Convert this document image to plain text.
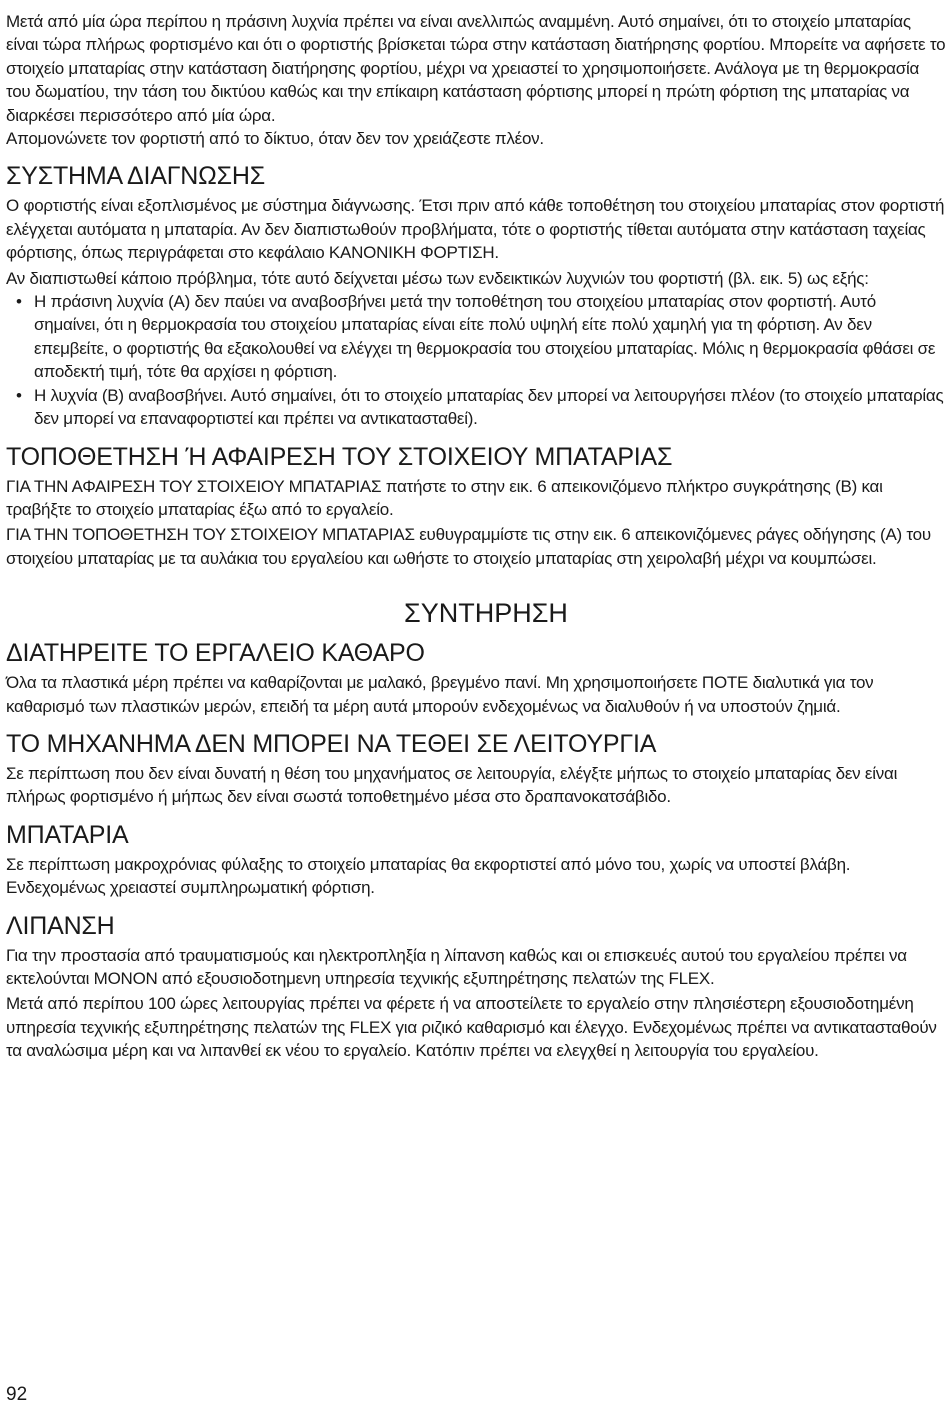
Μετά από μία ώρα περίπου η πράσινη λυχνία πρέπει να είναι ανελλιπώς αναμμένη. Αυτό σημαίνει, ότι το στοιχείο μπαταρίας είναι τώρα πλήρως φορτισμένο και ότι ο φορτιστής βρίσκεται τώρα στην κατάσταση διατήρησης φορτίου. Μπορείτε να αφήσετε το στοιχείο μπαταρίας στην κατάσταση διατήρησης φορτίου, μέχρι να χρειαστεί το χρησιμοποιήσετε. Ανάλογα με τη θερμοκρασία του δωματίου, την τάση του δικτύου καθώς και την επίκαιρη κατάσταση φόρτισης μπορεί η πρώτη φόρτιση της μπαταρίας να διαρκέσει περισσότερο από μία ώρα.

Απομονώνετε τον φορτιστή από το δίκτυο, όταν δεν τον χρειάζεστε πλέον.

ΣΥΣΤΗΜΑ ΔΙΑΓΝΩΣΗΣ

Ο φορτιστής είναι εξοπλισμένος με σύστημα διάγνωσης. Έτσι πριν από κάθε τοποθέτηση του στοιχείου μπαταρίας στον φορτιστή ελέγχεται αυτόματα η μπαταρία. Αν δεν διαπιστωθούν προβλήματα, τότε ο φορτιστής τίθεται αυτόματα στην κατάσταση ταχείας φόρτισης, όπως περιγράφεται στο κεφάλαιο ΚΑΝΟΝΙΚΗ ΦΟΡΤΙΣΗ.

Αν διαπιστωθεί κάποιο πρόβλημα, τότε αυτό δείχνεται μέσω των ενδεικτικών λυχνιών του φορτιστή (βλ. εικ. 5) ως εξής:

• Η πράσινη λυχνία (Α) δεν παύει να αναβοσβήνει μετά την τοποθέτηση του στοιχείου μπαταρίας στον φορτιστή. Αυτό σημαίνει, ότι η θερμοκρασία του στοιχείου μπαταρίας είναι είτε πολύ υψηλή είτε πολύ χαμηλή για τη φόρτιση. Αν δεν επεμβείτε, ο φορτιστής θα εξακολουθεί να ελέγχει τη θερμοκρασία του στοιχείου μπαταρίας. Μόλις η θερμοκρασία φθάσει σε αποδεκτή τιμή, τότε θα αρχίσει η φόρτιση.
• Η λυχνία (Β) αναβοσβήνει. Αυτό σημαίνει, ότι το στοιχείο μπαταρίας δεν μπορεί να λειτουργήσει πλέον (το στοιχείο μπαταρίας δεν μπορεί να επαναφορτιστεί και πρέπει να αντικατασταθεί).
ΤΟΠΟΘΕΤΗΣΗ Ή ΑΦΑΙΡΕΣΗ ΤΟΥ ΣΤΟΙΧΕΙΟΥ ΜΠΑΤΑΡΙΑΣ

ΓΙΑ ΤΗΝ ΑΦΑΙΡΕΣΗ ΤΟΥ ΣΤΟΙΧΕΙΟΥ ΜΠΑΤΑΡΙΑΣ πατήστε το στην εικ. 6 απεικονιζόμενο πλήκτρο συγκράτησης (Β) και τραβήξτε το στοιχείο μπαταρίας έξω από το εργαλείο.

ΓΙΑ ΤΗΝ ΤΟΠΟΘΕΤΗΣΗ ΤΟΥ ΣΤΟΙΧΕΙΟΥ ΜΠΑΤΑΡΙΑΣ ευθυγραμμίστε τις στην εικ. 6 απεικονιζόμενες ράγες οδήγησης (Α) του στοιχείου μπαταρίας με τα αυλάκια του εργαλείου και ωθήστε το στοιχείο μπαταρίας στη χειρολαβή μέχρι να κουμπώσει.

ΣΥΝΤΗΡΗΣΗ
ΔΙΑΤΗΡΕΙΤΕ ΤΟ ΕΡΓΑΛΕΙΟ ΚΑΘΑΡΟ

Όλα τα πλαστικά μέρη πρέπει να καθαρίζονται με μαλακό, βρεγμένο πανί. Μη χρησιμοποιήσετε ΠΟΤΕ διαλυτικά για τον καθαρισμό των πλαστικών μερών, επειδή τα μέρη αυτά μπορούν ενδεχομένως να διαλυθούν ή να υποστούν ζημιά.

ΤΟ ΜΗΧΑΝΗΜΑ ΔΕΝ ΜΠΟΡΕΙ ΝΑ ΤΕΘΕΙ ΣΕ ΛΕΙΤΟΥΡΓΙΑ

Σε περίπτωση που δεν είναι δυνατή η θέση του μηχανήματος σε λειτουργία, ελέγξτε μήπως το στοιχείο μπαταρίας δεν είναι πλήρως φορτισμένο ή μήπως δεν είναι σωστά τοποθετημένο μέσα στο δραπανοκατσάβιδο.

ΜΠΑΤΑΡΙΑ

Σε περίπτωση μακροχρόνιας φύλαξης το στοιχείο μπαταρίας θα εκφορτιστεί από μόνο του, χωρίς να υποστεί βλάβη. Ενδεχομένως χρειαστεί συμπληρωματική φόρτιση.

ΛΙΠΑΝΣΗ

Για την προστασία από τραυματισμούς και ηλεκτροπληξία η λίπανση καθώς και οι επισκευές αυτού του εργαλείου πρέπει να εκτελούνται ΜΟΝΟΝ από εξουσιοδοτημενη υπηρεσία τεχνικής εξυπηρέτησης πελατών της FLEX.

Μετά από περίπου 100 ώρες λειτουργίας πρέπει να φέρετε ή να αποστείλετε το εργαλείο στην πλησιέστερη εξουσιοδοτημένη υπηρεσία τεχνικής εξυπηρέτησης πελατών της FLEX για ριζικό καθαρισμό και έλεγχο. Ενδεχομένως πρέπει να αντικατασταθούν τα αναλώσιμα μέρη και να λιπανθεί εκ νέου το εργαλείο. Κατόπιν πρέπει να ελεγχθεί η λειτουργία του εργαλείου.

92
